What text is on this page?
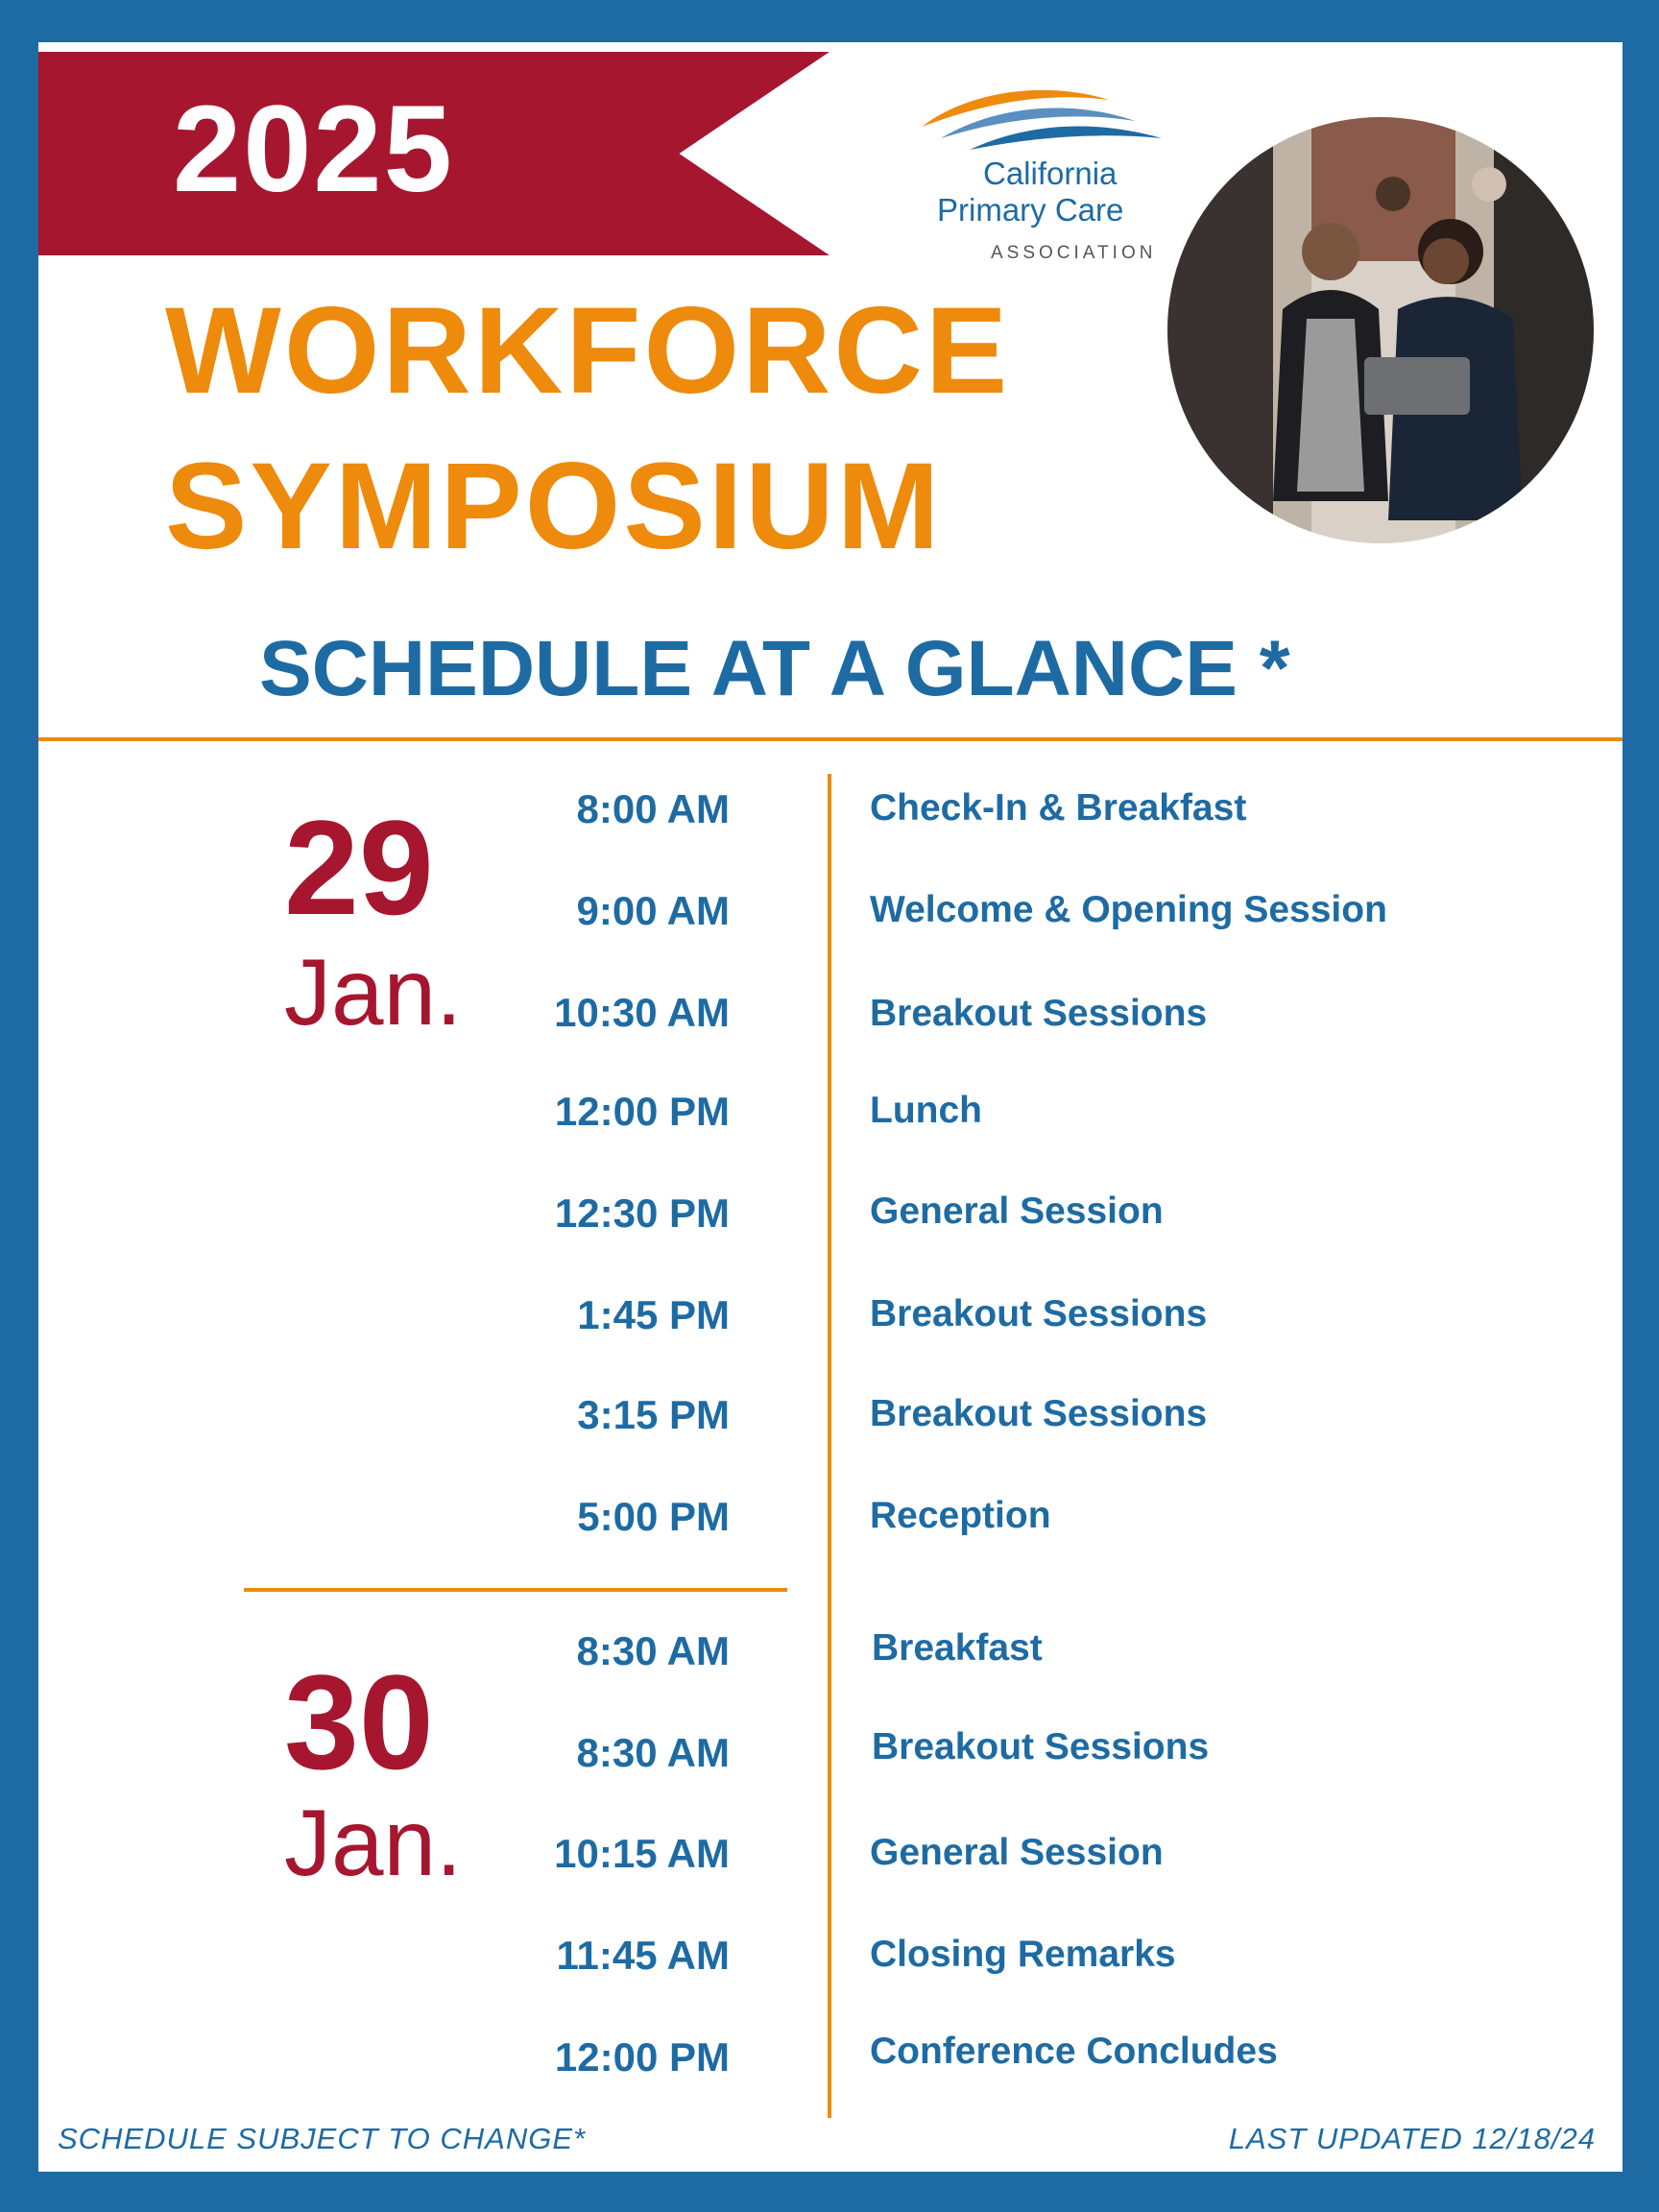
2025	California
Primary Care
ASSOCIATION
WORKFORCE
SYMPOSIUM
SCHEDULE AT A GLANCE *
29
Jan.
8:00 AM	Check-In & Breakfast
9:00 AM	Welcome & Opening Session
10:30 AM	Breakout Sessions
12:00 PM	Lunch
12:30 PM	General Session
1:45 PM	Breakout Sessions
3:15 PM	Breakout Sessions
5:00 PM	Reception
30
Jan.
8:30 AM	Breakfast
8:30 AM	Breakout Sessions
10:15 AM	General Session
11:45 AM	Closing Remarks
12:00 PM	Conference Concludes
SCHEDULE SUBJECT TO CHANGE*	LAST UPDATED 12/18/24
